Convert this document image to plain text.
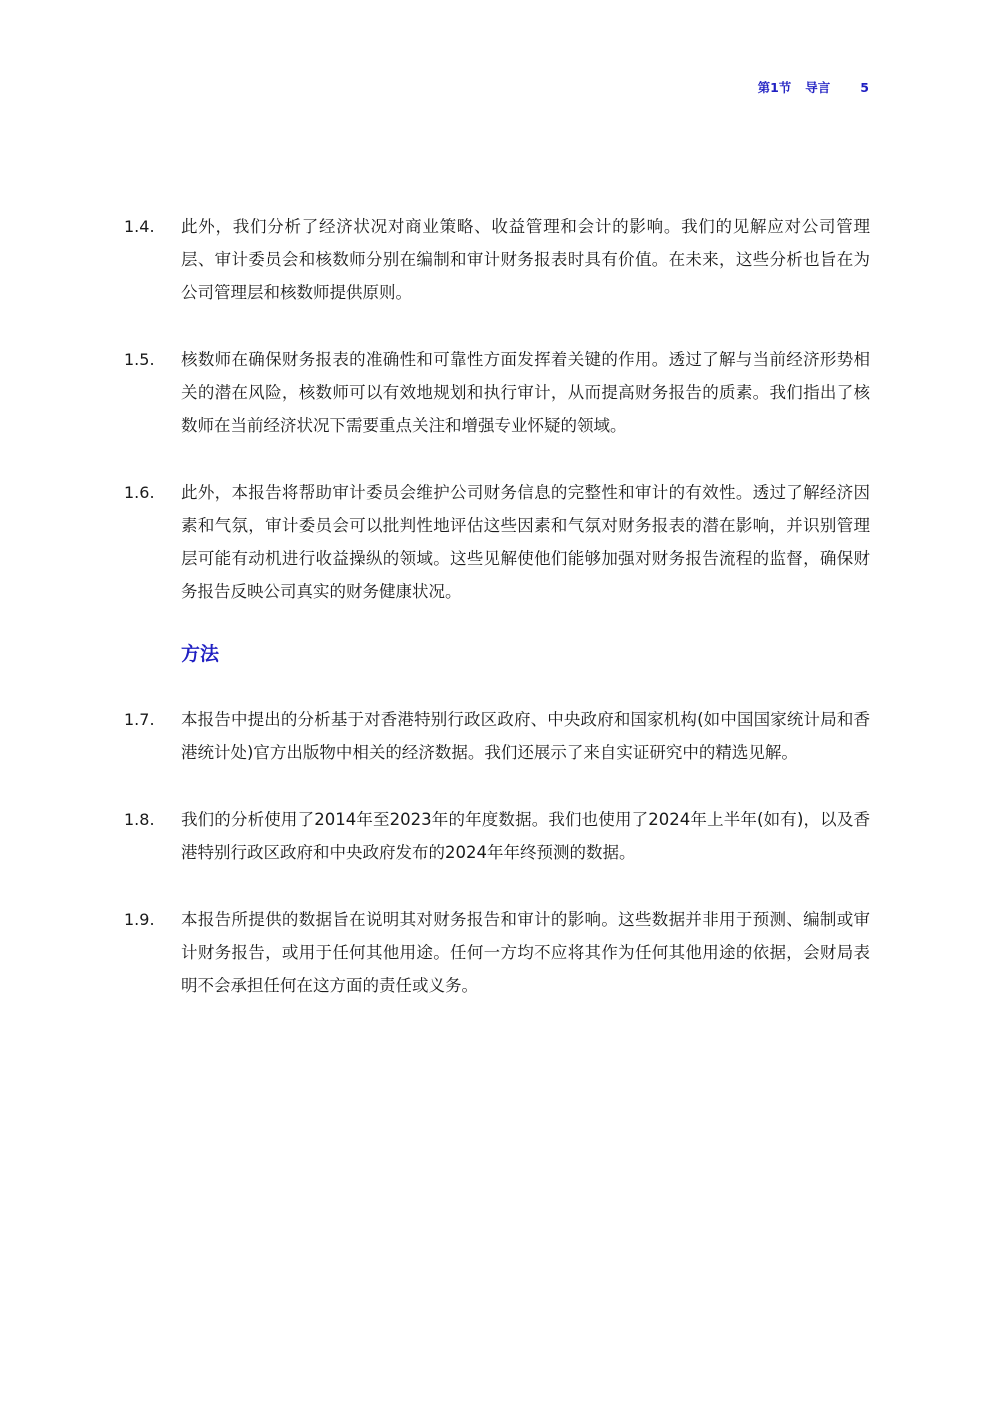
第1节 导言 5
1.4.	此外，我们分析了经济状况对商业策略、收益管理和会计的影响。我们的见解应对公司管理层、审计委员会和核数师分别在编制和审计财务报表时具有价值。在未来，这些分析也旨在为公司管理层和核数师提供原则。
1.5.	核数师在确保财务报表的准确性和可靠性方面发挥着关键的作用。透过了解与当前经济形势相关的潜在风险，核数师可以有效地规划和执行审计，从而提高财务报告的质素。我们指出了核数师在当前经济状况下需要重点关注和增强专业怀疑的领域。
1.6.	此外，本报告将帮助审计委员会维护公司财务信息的完整性和审计的有效性。透过了解经济因素和气氛，审计委员会可以批判性地评估这些因素和气氛对财务报表的潜在影响，并识别管理层可能有动机进行收益操纵的领域。这些见解使他们能够加强对财务报告流程的监督，确保财务报告反映公司真实的财务健康状况。
方法
1.7.	本报告中提出的分析基于对香港特别行政区政府、中央政府和国家机构(如中国国家统计局和香港统计处)官方出版物中相关的经济数据。我们还展示了来自实证研究中的精选见解。
1.8.	我们的分析使用了2014年至2023年的年度数据。我们也使用了2024年上半年(如有)，以及香港特别行政区政府和中央政府发布的2024年年终预测的数据。
1.9.	本报告所提供的数据旨在说明其对财务报告和审计的影响。这些数据并非用于预测、编制或审计财务报告，或用于任何其他用途。任何一方均不应将其作为任何其他用途的依据，会财局表明不会承担任何在这方面的责任或义务。
